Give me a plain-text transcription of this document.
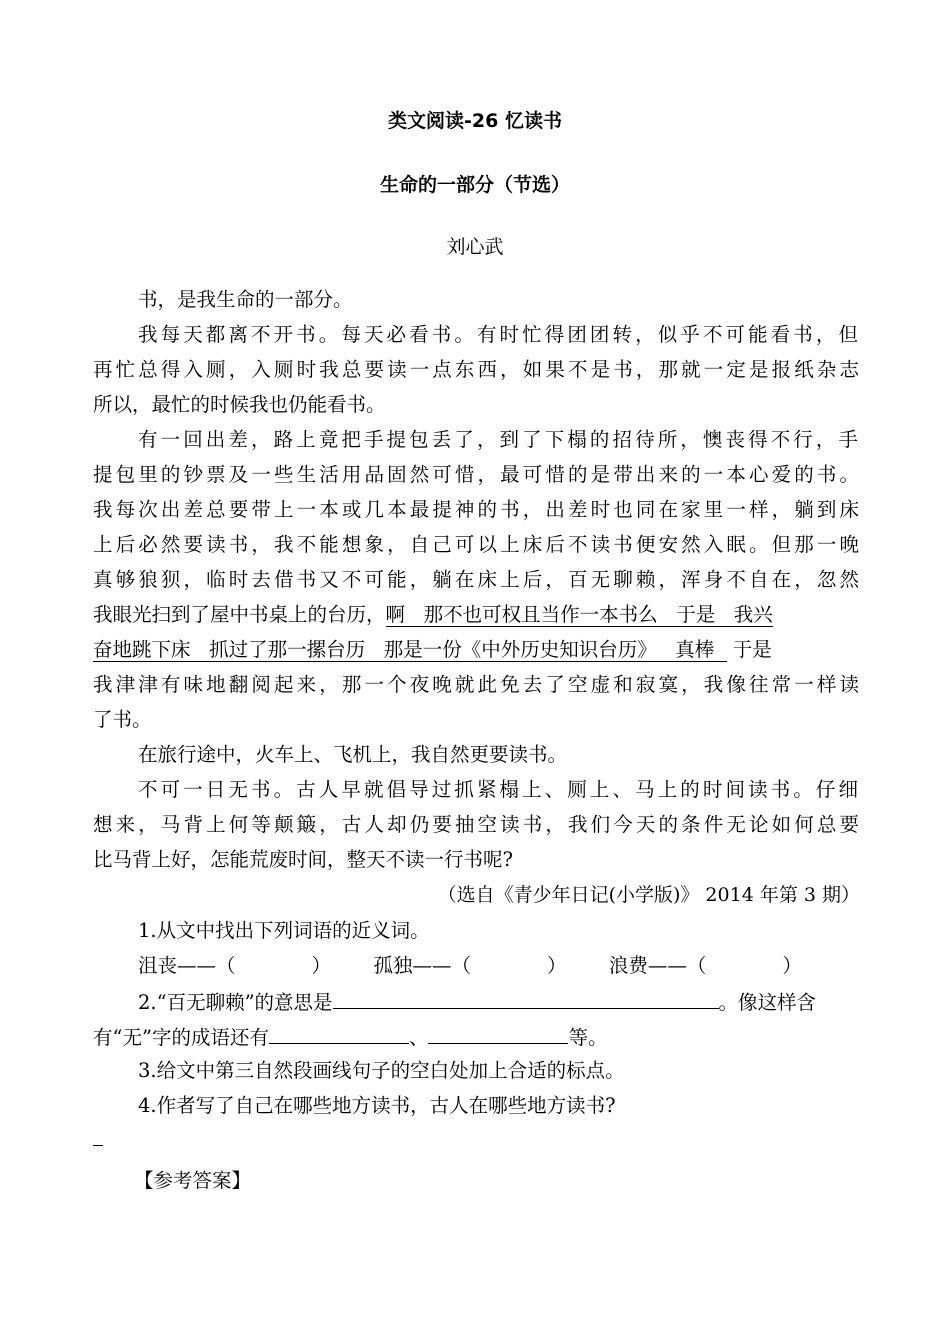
类文阅读-26 忆读书
生命的一部分（节选）
刘心武
书，是我生命的一部分。
我每天都离不开书。每天必看书。有时忙得团团转，似乎不可能看书，但
再忙总得入厕，入厕时我总要读一点东西，如果不是书，那就一定是报纸杂志
所以，最忙的时候我也仍能看书。
有一回出差，路上竟把手提包丢了，到了下榻的招待所，懊丧得不行，手
提包里的钞票及一些生活用品固然可惜，最可惜的是带出来的一本心爱的书。
我每次出差总要带上一本或几本最提神的书，出差时也同在家里一样，躺到床
上后必然要读书，我不能想象，自己可以上床后不读书便安然入眠。但那一晚
真够狼狈，临时去借书又不可能，躺在床上后，百无聊赖，浑身不自在，忽然
我眼光扫到了屋中书桌上的台历，啊   那不也可权且当作一本书么   于是   我兴
奋地跳下床   抓过了那一摞台历   那是一份《中外历史知识台历》   真棒  于是
我津津有味地翻阅起来，那一个夜晚就此免去了空虚和寂寞，我像往常一样读
了书。
在旅行途中，火车上、飞机上，我自然更要读书。
不可一日无书。古人早就倡导过抓紧榻上、厕上、马上的时间读书。仔细
想来，马背上何等颠簸，古人却仍要抽空读书，我们今天的条件无论如何总要
比马背上好，怎能荒废时间，整天不读一行书呢?
（选自《青少年日记(小学版)》 2014 年第 3 期）
1.从文中找出下列词语的近义词。
沮丧——（	） 孤独——（	） 浪费——（	）
2.“百无聊赖”的意思是	。像这样含
有“无”字的成语还有	、	等。
3.给文中第三自然段画线句子的空白处加上合适的标点。
4.作者写了自己在哪些地方读书，古人在哪些地方读书?
【参考答案】
